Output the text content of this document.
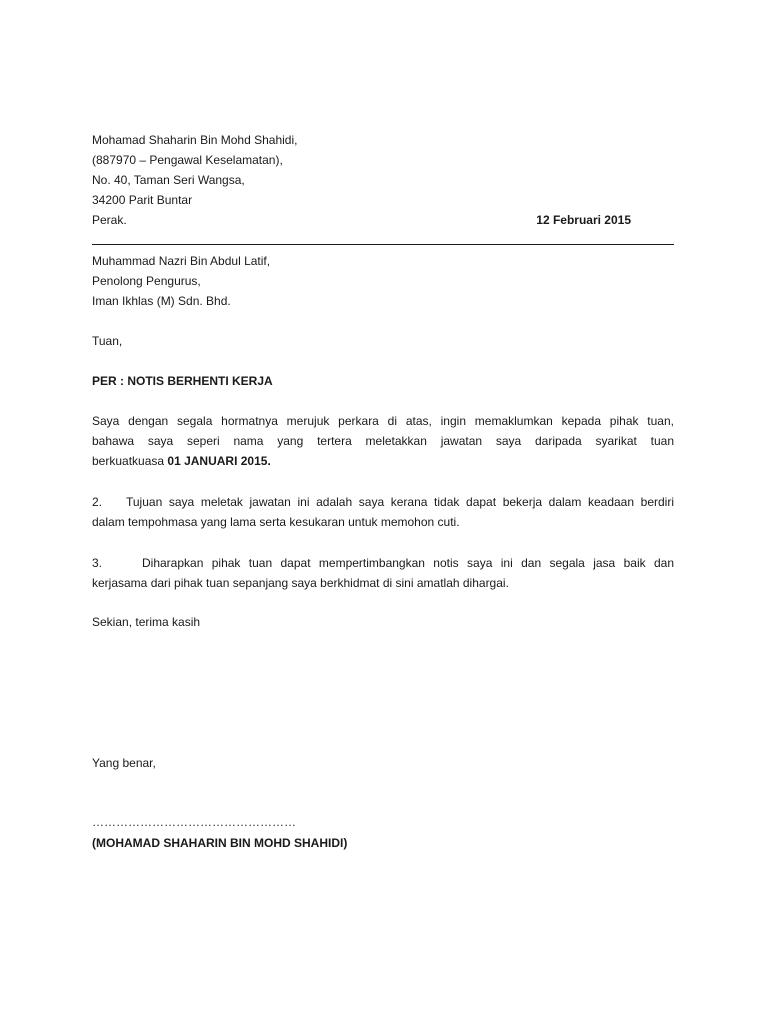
Mohamad Shaharin Bin Mohd Shahidi,
(887970 – Pengawal Keselamatan),
No. 40, Taman Seri Wangsa,
34200 Parit Buntar
Perak.	12 Februari 2015
Muhammad Nazri Bin Abdul Latif,
Penolong Pengurus,
Iman Ikhlas (M) Sdn. Bhd.
Tuan,
PER : NOTIS BERHENTI KERJA
Saya dengan segala hormatnya merujuk perkara di atas, ingin memaklumkan kepada pihak tuan,
bahawa saya seperi nama yang tertera meletakkan jawatan saya daripada syarikat tuan
berkuatkuasa 01 JANUARI 2015.
2. Tujuan saya meletak jawatan ini adalah saya kerana tidak dapat bekerja dalam keadaan berdiri
dalam tempohmasa yang lama serta kesukaran untuk memohon cuti.
3.	Diharapkan pihak tuan dapat mempertimbangkan notis saya ini dan segala jasa baik dan
kerjasama dari pihak tuan sepanjang saya berkhidmat di sini amatlah dihargai.
Sekian, terima kasih
Yang benar,
……………………………………………
(MOHAMAD SHAHARIN BIN MOHD SHAHIDI)
